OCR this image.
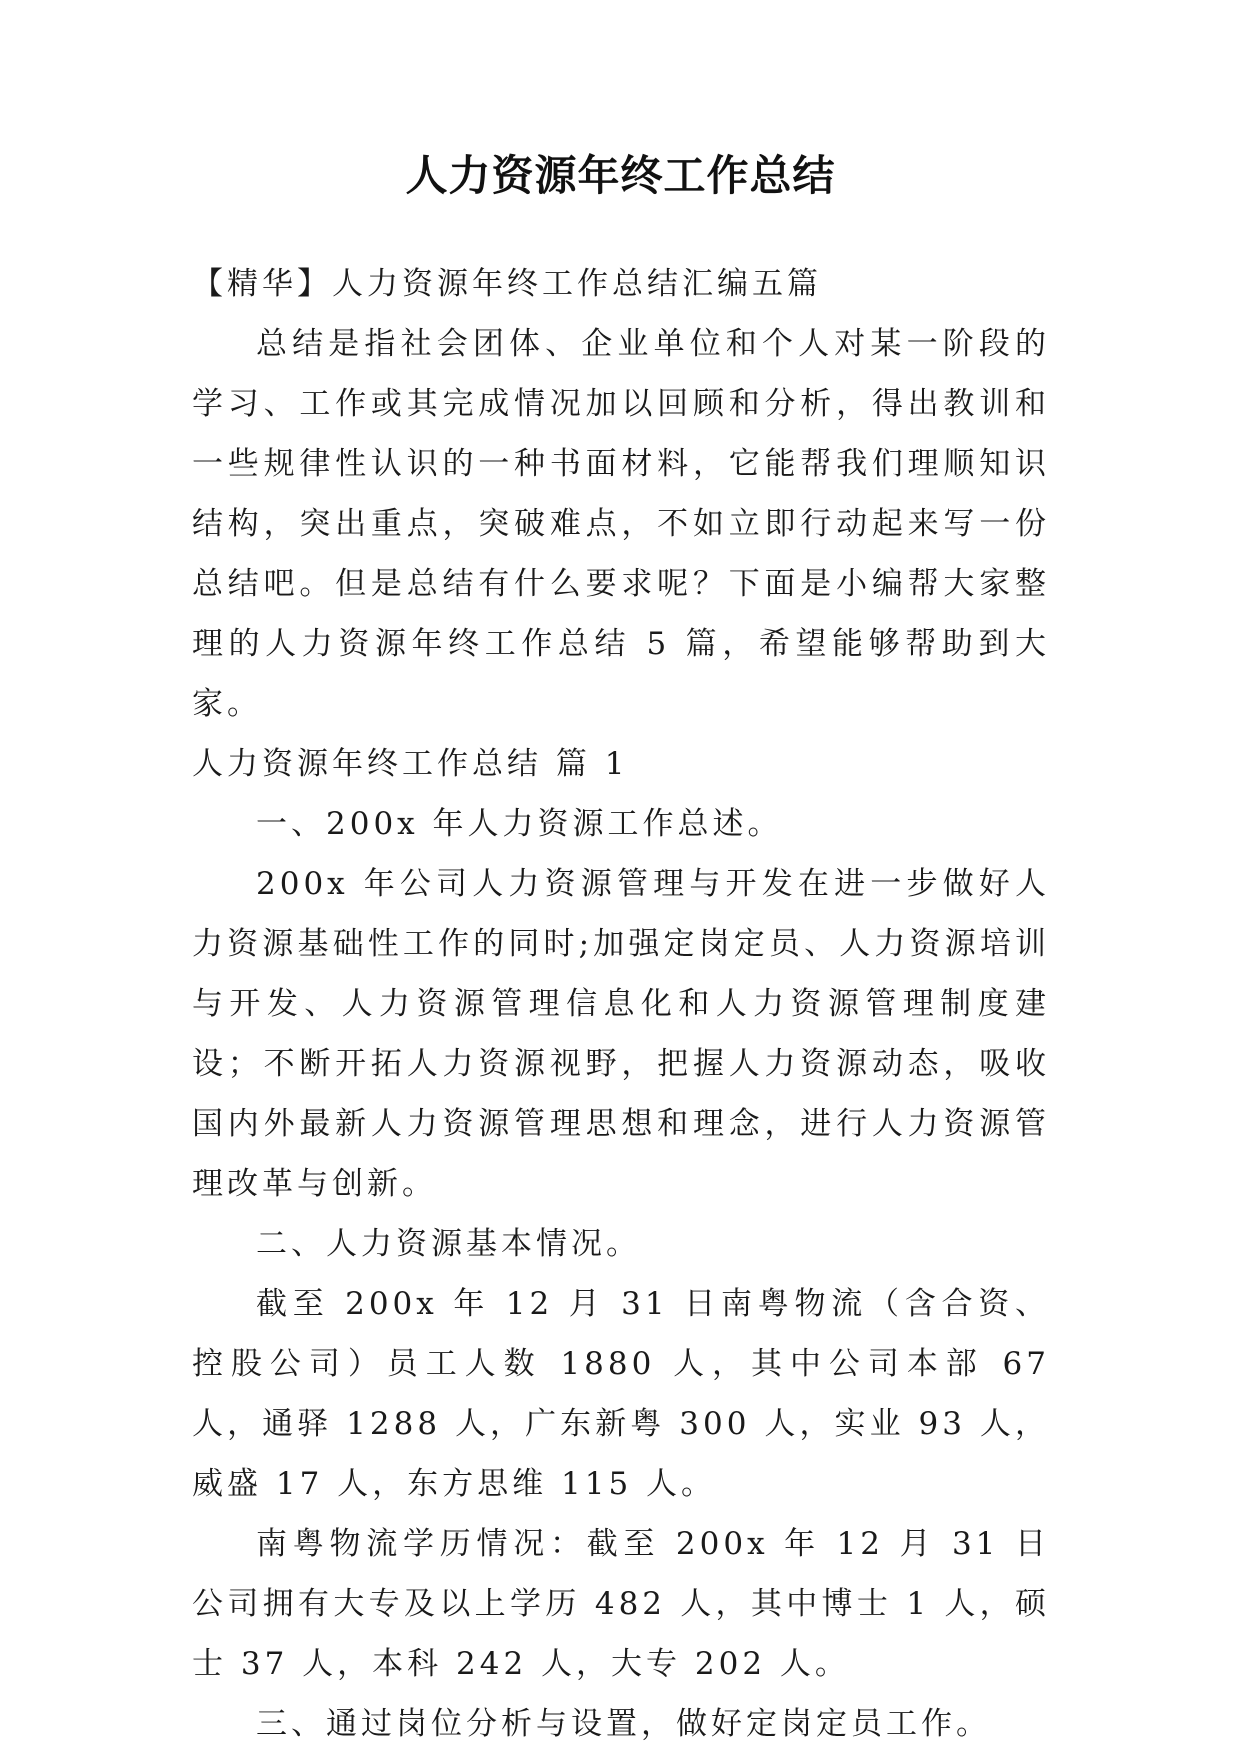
人力资源年终工作总结

【精华】人力资源年终工作总结汇编五篇

总结是指社会团体、企业单位和个人对某一阶段的学习、工作或其完成情况加以回顾和分析，得出教训和一些规律性认识的一种书面材料，它能帮我们理顺知识结构，突出重点，突破难点，不如立即行动起来写一份总结吧。但是总结有什么要求呢？下面是小编帮大家整理的人力资源年终工作总结 5 篇，希望能够帮助到大家。

人力资源年终工作总结 篇 1

一、200x 年人力资源工作总述。

200x 年公司人力资源管理与开发在进一步做好人力资源基础性工作的同时;加强定岗定员、人力资源培训与开发、人力资源管理信息化和人力资源管理制度建设；不断开拓人力资源视野，把握人力资源动态，吸收国内外最新人力资源管理思想和理念，进行人力资源管理改革与创新。

二、人力资源基本情况。

截至 200x 年 12 月 31 日南粤物流（含合资、控股公司）员工人数 1880 人，其中公司本部 67 人，通驿 1288 人，广东新粤 300 人，实业 93 人，威盛 17 人，东方思维 115 人。

南粤物流学历情况：截至 200x 年 12 月 31 日公司拥有大专及以上学历 482 人，其中博士 1 人，硕士 37 人，本科 242 人，大专 202 人。

三、通过岗位分析与设置，做好定岗定员工作。
